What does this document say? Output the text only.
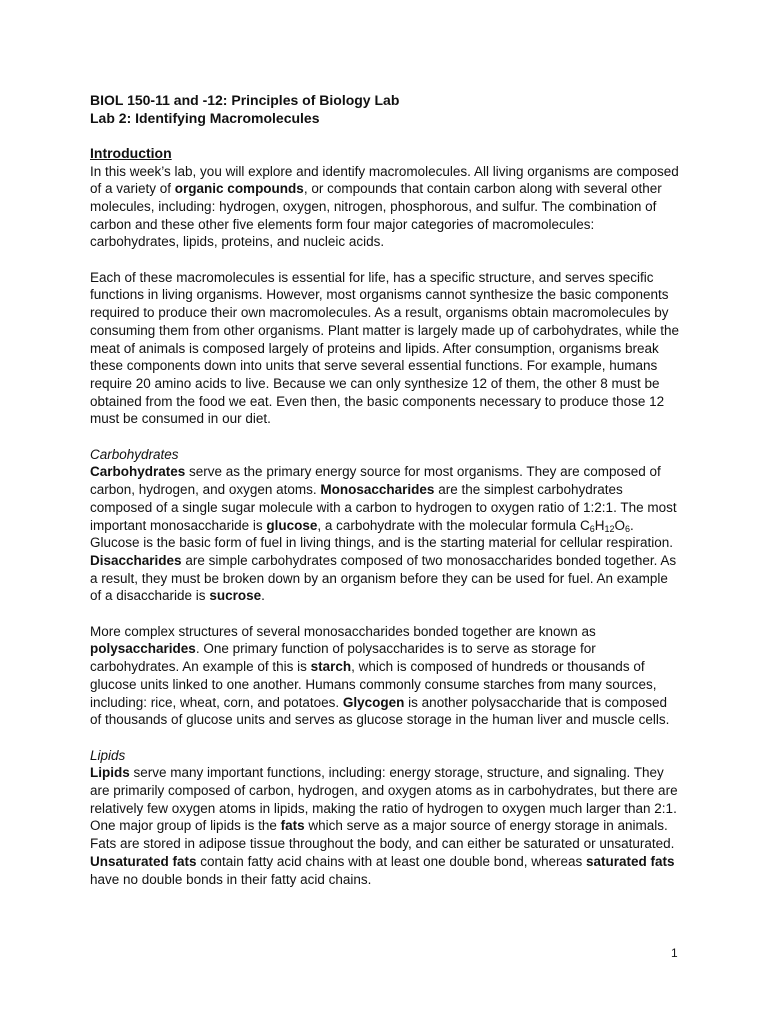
BIOL 150-11 and -12: Principles of Biology Lab

Lab 2: Identifying Macromolecules

Introduction

In this week’s lab, you will explore and identify macromolecules. All living organisms are composed of a variety of organic compounds, or compounds that contain carbon along with several other molecules, including: hydrogen, oxygen, nitrogen, phosphorous, and sulfur. The combination of carbon and these other five elements form four major categories of macromolecules: carbohydrates, lipids, proteins, and nucleic acids.

Each of these macromolecules is essential for life, has a specific structure, and serves specific functions in living organisms. However, most organisms cannot synthesize the basic components required to produce their own macromolecules. As a result, organisms obtain macromolecules by consuming them from other organisms. Plant matter is largely made up of carbohydrates, while the meat of animals is composed largely of proteins and lipids. After consumption, organisms break these components down into units that serve several essential functions. For example, humans require 20 amino acids to live. Because we can only synthesize 12 of them, the other 8 must be obtained from the food we eat. Even then, the basic components necessary to produce those 12 must be consumed in our diet.

Carbohydrates

Carbohydrates serve as the primary energy source for most organisms. They are composed of carbon, hydrogen, and oxygen atoms. Monosaccharides are the simplest carbohydrates composed of a single sugar molecule with a carbon to hydrogen to oxygen ratio of 1:2:1. The most important monosaccharide is glucose, a carbohydrate with the molecular formula $C_6H_{12}O_6$. Glucose is the basic form of fuel in living things, and is the starting material for cellular respiration. Disaccharides are simple carbohydrates composed of two monosaccharides bonded together. As a result, they must be broken down by an organism before they can be used for fuel. An example of a disaccharide is sucrose.

More complex structures of several monosaccharides bonded together are known as polysaccharides. One primary function of polysaccharides is to serve as storage for carbohydrates. An example of this is starch, which is composed of hundreds or thousands of glucose units linked to one another. Humans commonly consume starches from many sources, including: rice, wheat, corn, and potatoes. Glycogen is another polysaccharide that is composed of thousands of glucose units and serves as glucose storage in the human liver and muscle cells.

Lipids

Lipids serve many important functions, including: energy storage, structure, and signaling. They are primarily composed of carbon, hydrogen, and oxygen atoms as in carbohydrates, but there are relatively few oxygen atoms in lipids, making the ratio of hydrogen to oxygen much larger than 2:1. One major group of lipids is the fats which serve as a major source of energy storage in animals. Fats are stored in adipose tissue throughout the body, and can either be saturated or unsaturated. Unsaturated fats contain fatty acid chains with at least one double bond, whereas saturated fats have no double bonds in their fatty acid chains.

1
